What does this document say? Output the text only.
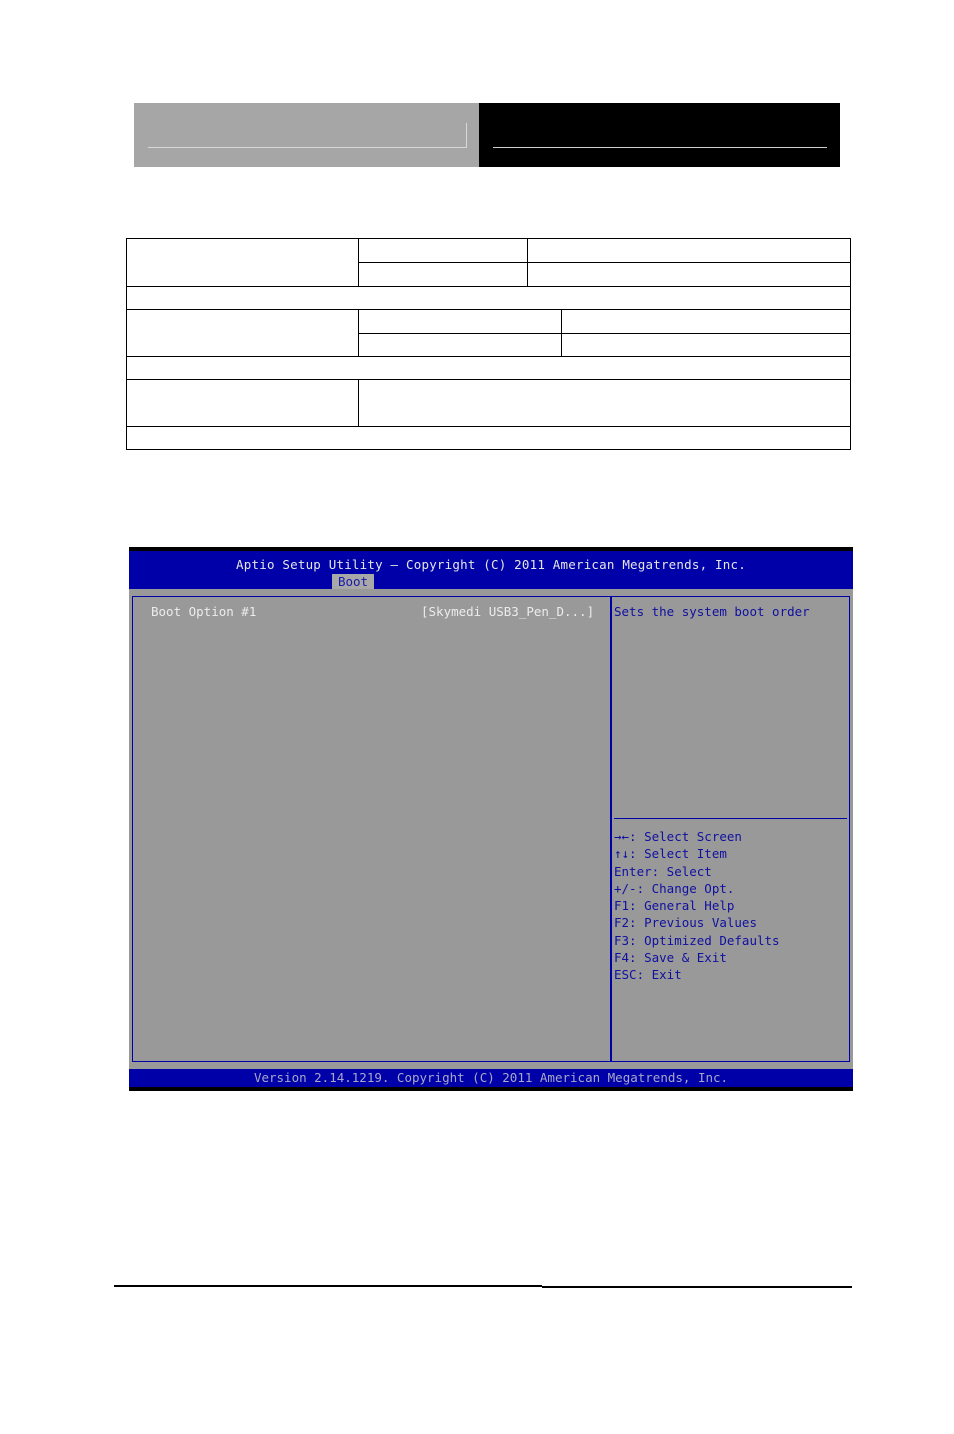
Aptio Setup Utility – Copyright (C) 2011 American Megatrends, Inc.
Boot
Boot Option #1	[Skymedi USB3_Pen_D...] Sets the system boot order
→←: Select Screen
↑↓: Select Item
Enter: Select
+/-: Change Opt.
F1: General Help
F2: Previous Values
F3: Optimized Defaults
F4: Save & Exit
ESC: Exit
Version 2.14.1219. Copyright (C) 2011 American Megatrends, Inc.
